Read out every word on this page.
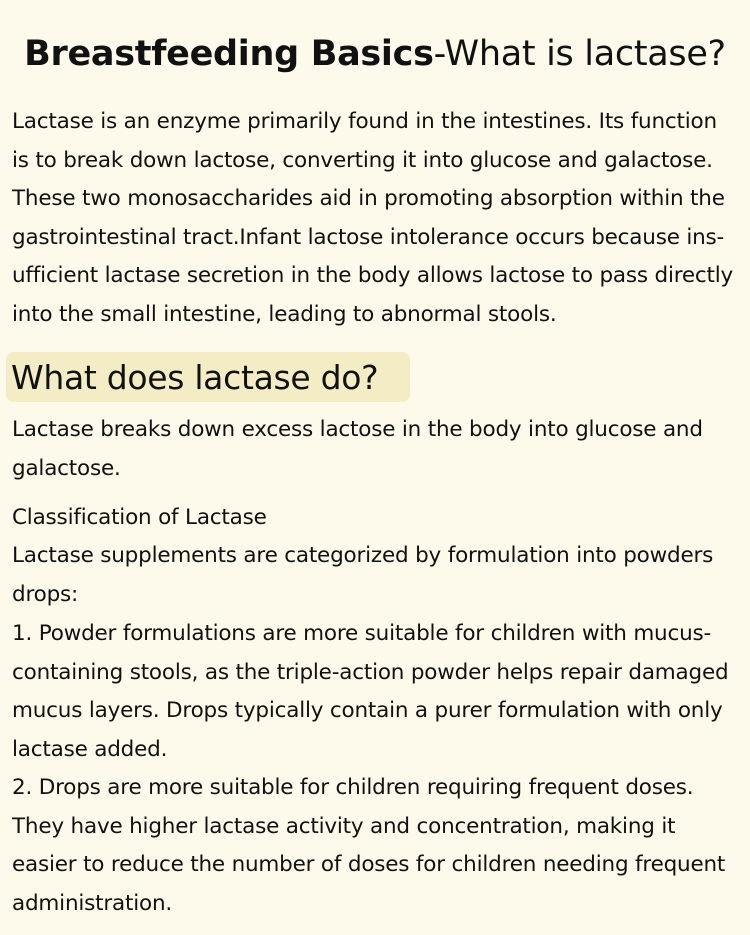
Breastfeeding Basics-What is lactase?

Lactase is an enzyme primarily found in the intestines. Its function is to break down lactose, converting it into glucose and galactose. These two monosaccharides aid in promoting absorption within the gastrointestinal tract.Infant lactose intolerance occurs because ins-ufficient lactase secretion in the body allows lactose to pass directly into the small intestine, leading to abnormal stools.

What does lactase do?

Lactase breaks down excess lactose in the body into glucose and galactose.

Classification of Lactase

Lactase supplements are categorized by formulation into powders drops:

1. Powder formulations are more suitable for children with mucus-containing stools, as the triple-action powder helps repair damaged mucus layers. Drops typically contain a purer formulation with only lactase added.

2. Drops are more suitable for children requiring frequent doses. They have higher lactase activity and concentration, making it easier to reduce the number of doses for children needing frequent administration.
